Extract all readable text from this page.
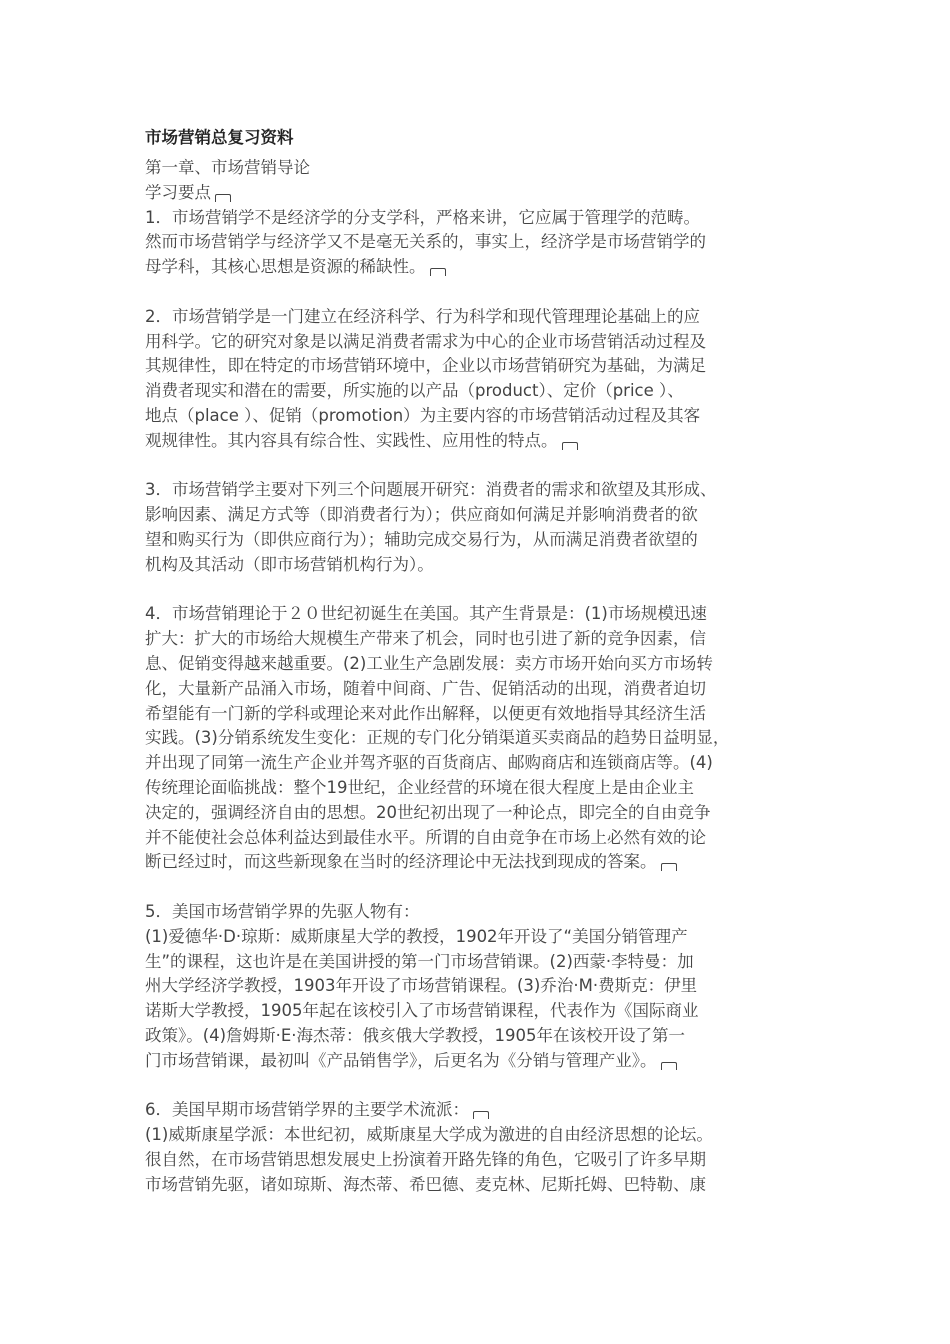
市场营销总复习资料
第一章、市场营销导论
学习要点
1．市场营销学不是经济学的分支学科，严格来讲，它应属于管理学的范畴。
然而市场营销学与经济学又不是毫无关系的，事实上，经济学是市场营销学的
母学科，其核心思想是资源的稀缺性。
2．市场营销学是一门建立在经济科学、行为科学和现代管理理论基础上的应
用科学。它的研究对象是以满足消费者需求为中心的企业市场营销活动过程及
其规律性，即在特定的市场营销环境中，企业以市场营销研究为基础，为满足
消费者现实和潜在的需要，所实施的以产品（product）、定价（price ）、
地点（place ）、促销（promotion）为主要内容的市场营销活动过程及其客
观规律性。其内容具有综合性、实践性、应用性的特点。
3．市场营销学主要对下列三个问题展开研究：消费者的需求和欲望及其形成、
影响因素、满足方式等（即消费者行为）；供应商如何满足并影响消费者的欲
望和购买行为（即供应商行为）；辅助完成交易行为，从而满足消费者欲望的
机构及其活动（即市场营销机构行为）。
4．市场营销理论于２０世纪初诞生在美国。其产生背景是：(1)市场规模迅速
扩大：扩大的市场给大规模生产带来了机会，同时也引进了新的竞争因素，信
息、促销变得越来越重要。(2)工业生产急剧发展：卖方市场开始向买方市场转
化，大量新产品涌入市场，随着中间商、广告、促销活动的出现，消费者迫切
希望能有一门新的学科或理论来对此作出解释，以便更有效地指导其经济生活
实践。(3)分销系统发生变化：正规的专门化分销渠道买卖商品的趋势日益明显，
并出现了同第一流生产企业并驾齐驱的百货商店、邮购商店和连锁商店等。(4)
传统理论面临挑战：整个19世纪，企业经营的环境在很大程度上是由企业主
决定的，强调经济自由的思想。20世纪初出现了一种论点，即完全的自由竞争
并不能使社会总体利益达到最佳水平。所谓的自由竞争在市场上必然有效的论
断已经过时，而这些新现象在当时的经济理论中无法找到现成的答案。
5．美国市场营销学界的先驱人物有：
(1)爱德华·D·琼斯：威斯康星大学的教授，1902年开设了“美国分销管理产
生”的课程，这也许是在美国讲授的第一门市场营销课。(2)西蒙·李特曼：加
州大学经济学教授，1903年开设了市场营销课程。(3)乔治·M·费斯克：伊里
诺斯大学教授，1905年起在该校引入了市场营销课程，代表作为《国际商业
政策》。(4)詹姆斯·E·海杰蒂：俄亥俄大学教授，1905年在该校开设了第一
门市场营销课，最初叫《产品销售学》，后更名为《分销与管理产业》。
6．美国早期市场营销学界的主要学术流派：
(1)威斯康星学派：本世纪初，威斯康星大学成为激进的自由经济思想的论坛。
很自然，在市场营销思想发展史上扮演着开路先锋的角色，它吸引了许多早期
市场营销先驱，诸如琼斯、海杰蒂、希巴德、麦克林、尼斯托姆、巴特勒、康
